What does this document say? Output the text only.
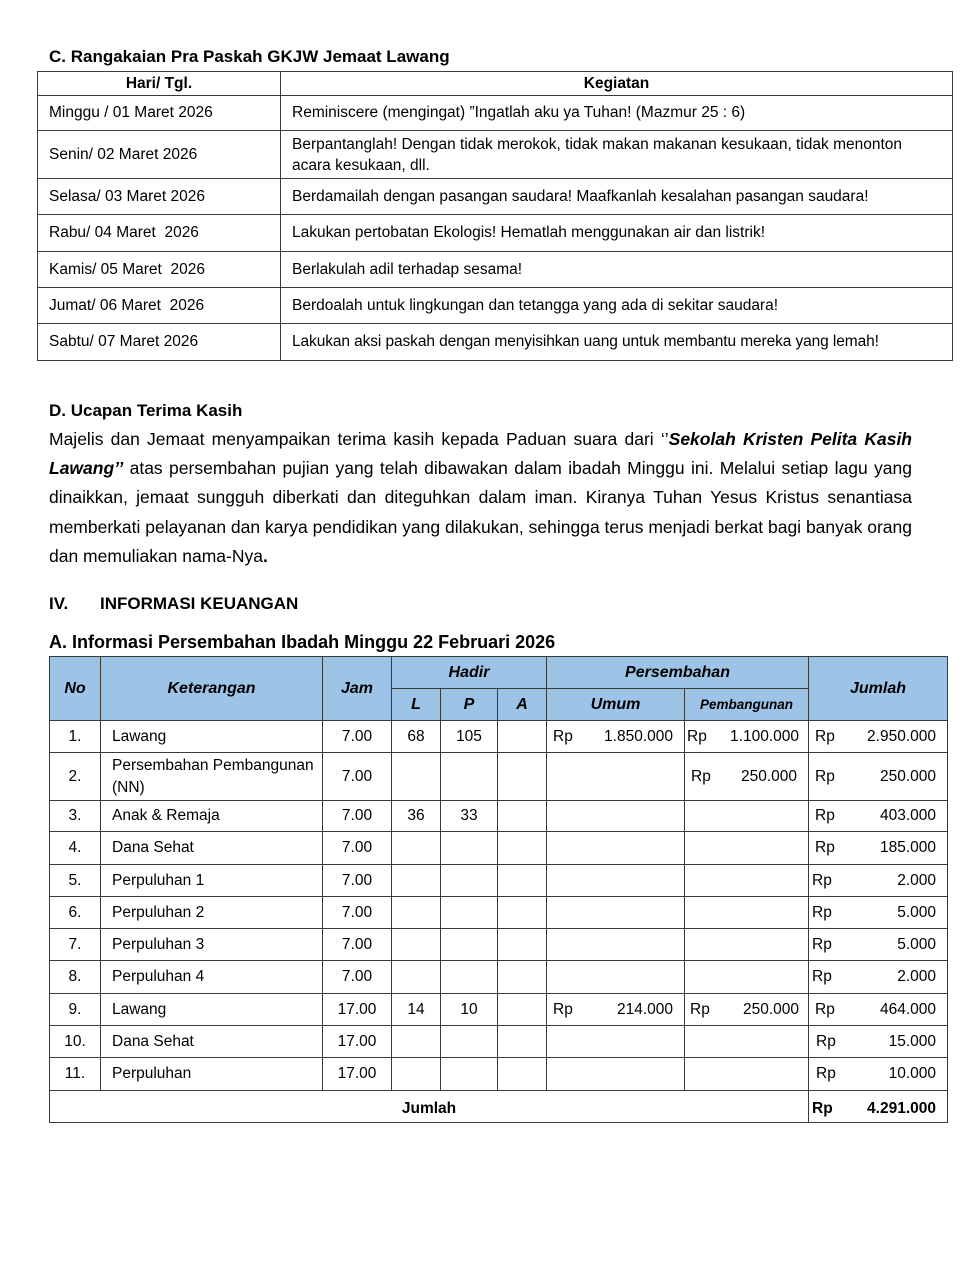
C. Rangakaian Pra Paskah GKJW Jemaat Lawang
Hari/ Tgl.	Kegiatan
Minggu / 01 Maret 2026	Reminiscere (mengingat) ”Ingatlah aku ya Tuhan! (Mazmur 25 : 6)
Senin/ 02 Maret 2026	Berpantanglah! Dengan tidak merokok, tidak makan makanan kesukaan, tidak menonton acara kesukaan, dll.
Selasa/ 03 Maret 2026	Berdamailah dengan pasangan saudara! Maafkanlah kesalahan pasangan saudara!
Rabu/ 04 Maret  2026	Lakukan pertobatan Ekologis! Hematlah menggunakan air dan listrik!
Kamis/ 05 Maret  2026	Berlakulah adil terhadap sesama!
Jumat/ 06 Maret  2026	Berdoalah untuk lingkungan dan tetangga yang ada di sekitar saudara!
Sabtu/ 07 Maret 2026	Lakukan aksi paskah dengan menyisihkan uang untuk membantu mereka yang lemah!
D. Ucapan Terima Kasih

Majelis dan Jemaat menyampaikan terima kasih kepada Paduan suara dari ‘’Sekolah Kristen Pelita Kasih Lawang’’ atas persembahan pujian yang telah dibawakan dalam ibadah Minggu ini. Melalui setiap lagu yang dinaikkan, jemaat sungguh diberkati dan diteguhkan dalam iman. Kiranya Tuhan Yesus Kristus senantiasa memberkati pelayanan dan karya pendidikan yang dilakukan, sehingga terus menjadi berkat bagi banyak orang dan memuliakan nama-Nya.

IV. INFORMASI KEUANGAN
A. Informasi Persembahan Ibadah Minggu 22 Februari 2026
No	Keterangan	Jam	Hadir			Persembahan		Jumlah
			L	P	A	Umum	Pembangunan	
1.	Lawang	7.00	68	105		Rp 1.850.000	Rp 1.100.000	Rp 2.950.000

2.	Persembahan Pembangunan (NN)	7.00					Rp 250.000	Rp 250.000

3.	Anak & Remaja	7.00	36	33				Rp 403.000

4.	Dana Sehat	7.00						Rp 185.000

5.	Perpuluhan 1	7.00						Rp 2.000

6.	Perpuluhan 2	7.00						Rp 5.000

7.	Perpuluhan 3	7.00						Rp 5.000

8.	Perpuluhan 4	7.00						Rp 2.000

9.	Lawang	17.00	14	10		Rp 214.000	Rp 250.000	Rp 464.000

10.	Dana Sehat	17.00						Rp 15.000

11.	Perpuluhan	17.00						Rp 10.000

Jumlah								Rp 4.291.000
